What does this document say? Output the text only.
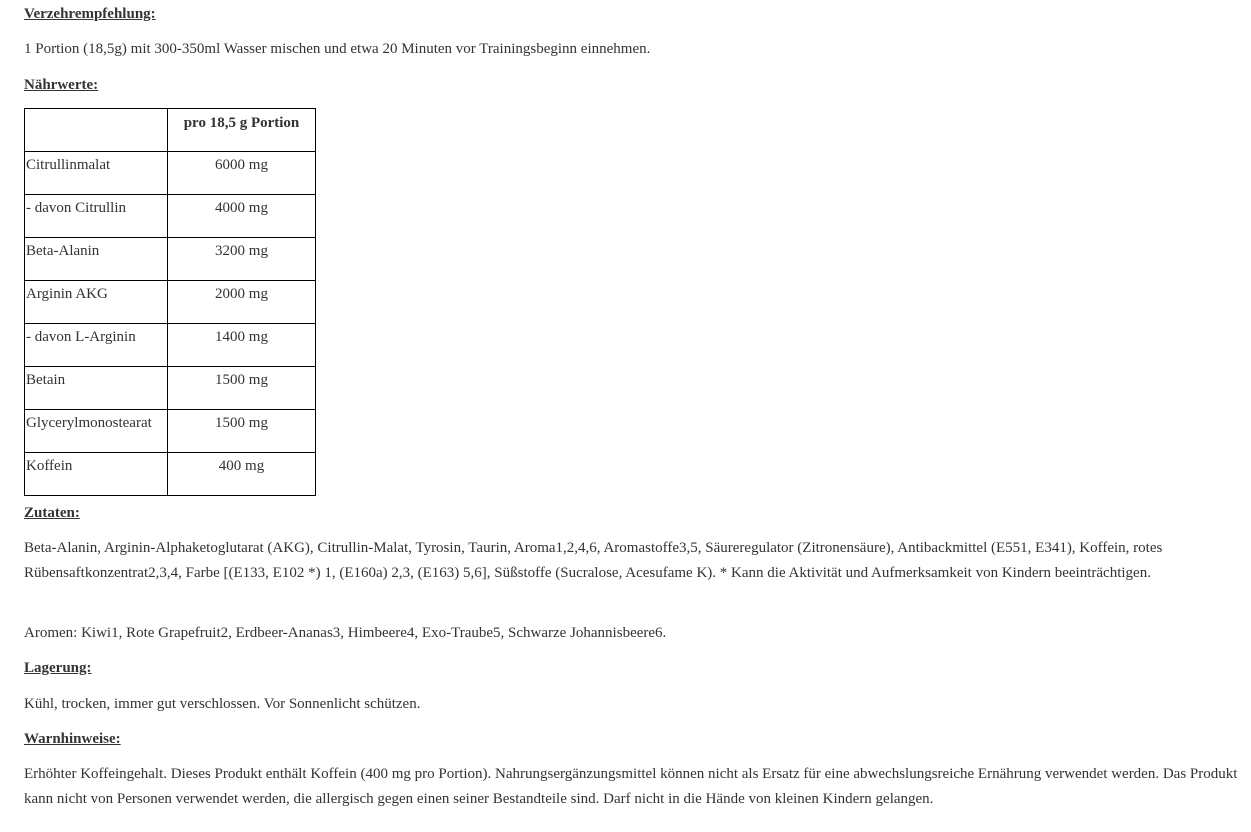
Verzehrempfehlung:

1 Portion (18,5g) mit 300-350ml Wasser mischen und etwa 20 Minuten vor Trainingsbeginn einnehmen.

Nährwerte:

	pro 18,5 g Portion
Citrullinmalat	6000 mg
- davon Citrullin	4000 mg
Beta-Alanin	3200 mg
Arginin AKG	2000 mg
- davon L-Arginin	1400 mg
Betain	1500 mg
Glycerylmonostearat	1500 mg
Koffein	400 mg

Zutaten:

Beta-Alanin, Arginin-Alphaketoglutarat (AKG), Citrullin-Malat, Tyrosin, Taurin, Aroma1,2,4,6, Aromastoffe3,5, Säureregulator (Zitronensäure), Antibackmittel (E551, E341), Koffein, rotes Rübensaftkonzentrat2,3,4, Farbe [(E133, E102 *) 1, (E160a) 2,3, (E163) 5,6], Süßstoffe (Sucralose, Acesufame K). * Kann die Aktivität und Aufmerksamkeit von Kindern beeinträchtigen.

Aromen: Kiwi1, Rote Grapefruit2, Erdbeer-Ananas3, Himbeere4, Exo-Traube5, Schwarze Johannisbeere6.

Lagerung:

Kühl, trocken, immer gut verschlossen. Vor Sonnenlicht schützen.

Warnhinweise:

Erhöhter Koffeingehalt. Dieses Produkt enthält Koffein (400 mg pro Portion). Nahrungsergänzungsmittel können nicht als Ersatz für eine abwechslungsreiche Ernährung verwendet werden. Das Produkt kann nicht von Personen verwendet werden, die allergisch gegen einen seiner Bestandteile sind. Darf nicht in die Hände von kleinen Kindern gelangen.
